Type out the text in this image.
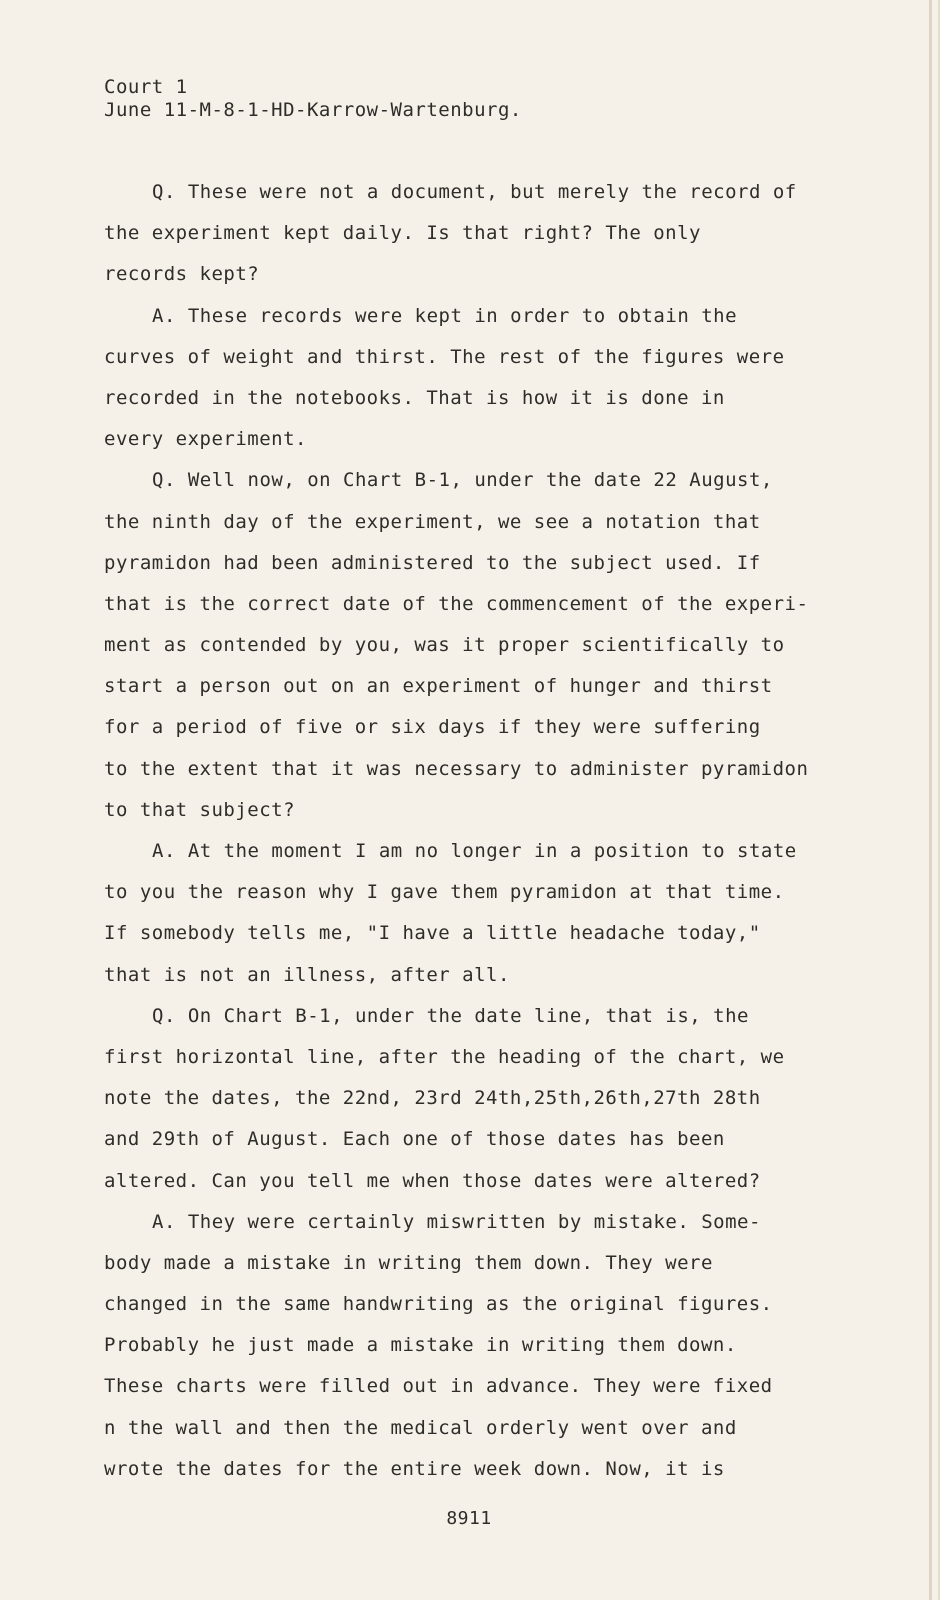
Court 1
June 11-M-8-1-HD-Karrow-Wartenburg.
Q. These were not a document, but merely the record of
the experiment kept daily. Is that right? The only
records kept?
A. These records were kept in order to obtain the
curves of weight and thirst. The rest of the figures were
recorded in the notebooks. That is how it is done in
every experiment.
Q. Well now, on Chart B-1, under the date 22 August,
the ninth day of the experiment, we see a notation that
pyramidon had been administered to the subject used. If
that is the correct date of the commencement of the experi-
ment as contended by you, was it proper scientifically to
start a person out on an experiment of hunger and thirst
for a period of five or six days if they were suffering
to the extent that it was necessary to administer pyramidon
to that subject?
A. At the moment I am no longer in a position to state
to you the reason why I gave them pyramidon at that time.
If somebody tells me, "I have a little headache today,"
that is not an illness, after all.
Q. On Chart B-1, under the date line, that is, the
first horizontal line, after the heading of the chart, we
note the dates, the 22nd, 23rd 24th,25th,26th,27th 28th
and 29th of August. Each one of those dates has been
altered. Can you tell me when those dates were altered?
A. They were certainly miswritten by mistake. Some-
body made a mistake in writing them down. They were
changed in the same handwriting as the original figures.
Probably he just made a mistake in writing them down.
These charts were filled out in advance. They were fixed
n the wall and then the medical orderly went over and
wrote the dates for the entire week down. Now, it is
8911
